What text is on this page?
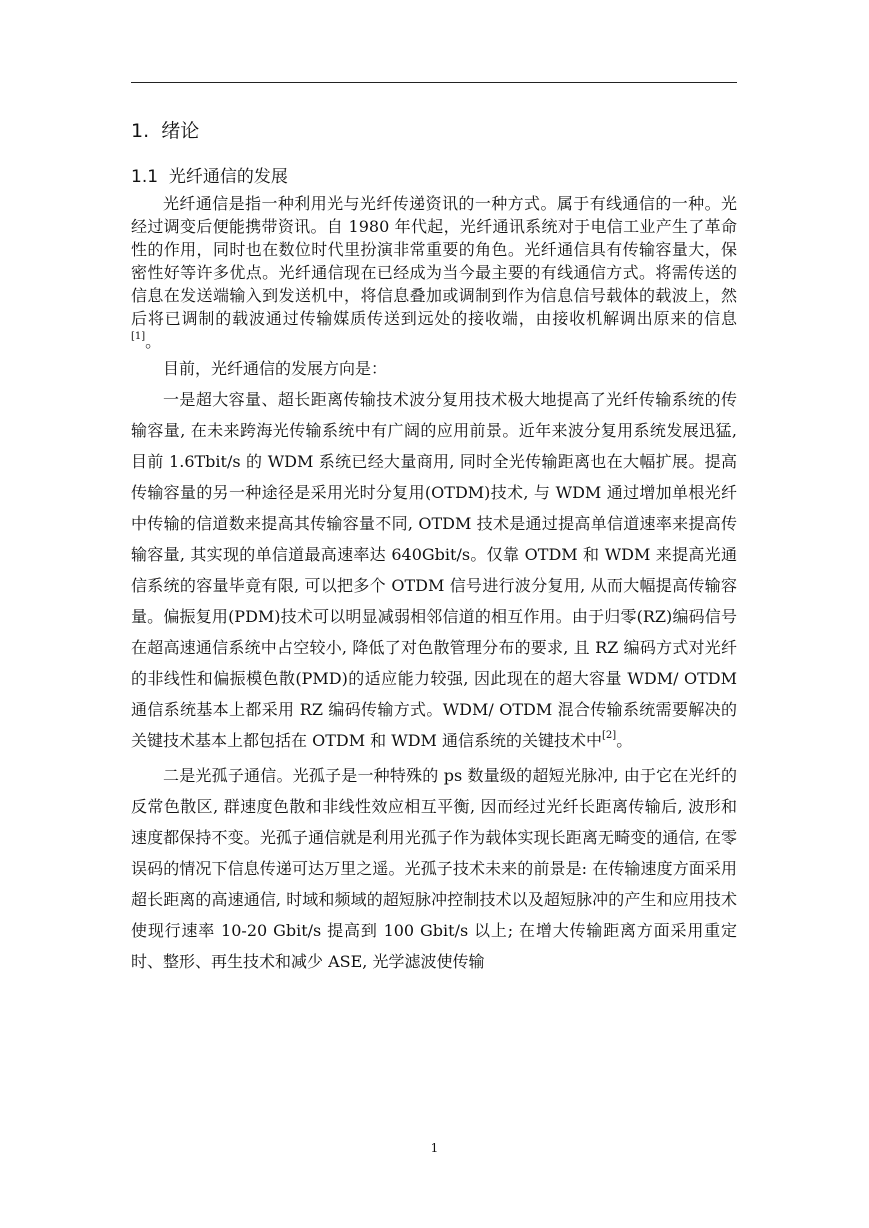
1. 绪论
1.1 光纤通信的发展

光纤通信是指一种利用光与光纤传递资讯的一种方式。属于有线通信的一种。光经过调变后便能携带资讯。自 1980 年代起，光纤通讯系统对于电信工业产生了革命性的作用，同时也在数位时代里扮演非常重要的角色。光纤通信具有传输容量大，保密性好等许多优点。光纤通信现在已经成为当今最主要的有线通信方式。将需传送的信息在发送端输入到发送机中，将信息叠加或调制到作为信息信号载体的载波上，然后将已调制的载波通过传输媒质传送到远处的接收端，由接收机解调出原来的信息[1]。

目前，光纤通信的发展方向是：

一是超大容量、超长距离传输技术波分复用技术极大地提高了光纤传输系统的传输容量, 在未来跨海光传输系统中有广阔的应用前景。近年来波分复用系统发展迅猛, 目前 1.6Tbit/s 的 WDM 系统已经大量商用, 同时全光传输距离也在大幅扩展。提高传输容量的另一种途径是采用光时分复用(OTDM)技术, 与 WDM 通过增加单根光纤中传输的信道数来提高其传输容量不同, OTDM 技术是通过提高单信道速率来提高传输容量, 其实现的单信道最高速率达 640Gbit/s。仅靠 OTDM 和 WDM 来提高光通信系统的容量毕竟有限, 可以把多个 OTDM 信号进行波分复用, 从而大幅提高传输容量。偏振复用(PDM)技术可以明显减弱相邻信道的相互作用。由于归零(RZ)编码信号在超高速通信系统中占空较小, 降低了对色散管理分布的要求, 且 RZ 编码方式对光纤的非线性和偏振模色散(PMD)的适应能力较强, 因此现在的超大容量 WDM/ OTDM 通信系统基本上都采用 RZ 编码传输方式。WDM/ OTDM 混合传输系统需要解决的关键技术基本上都包括在 OTDM 和 WDM 通信系统的关键技术中[2]。

二是光孤子通信。光孤子是一种特殊的 ps 数量级的超短光脉冲, 由于它在光纤的反常色散区, 群速度色散和非线性效应相互平衡, 因而经过光纤长距离传输后, 波形和速度都保持不变。光孤子通信就是利用光孤子作为载体实现长距离无畸变的通信, 在零误码的情况下信息传递可达万里之遥。光孤子技术未来的前景是: 在传输速度方面采用超长距离的高速通信, 时域和频域的超短脉冲控制技术以及超短脉冲的产生和应用技术使现行速率 10-20 Gbit/s 提高到 100 Gbit/s 以上; 在增大传输距离方面采用重定时、整形、再生技术和减少 ASE, 光学滤波使传输

1
